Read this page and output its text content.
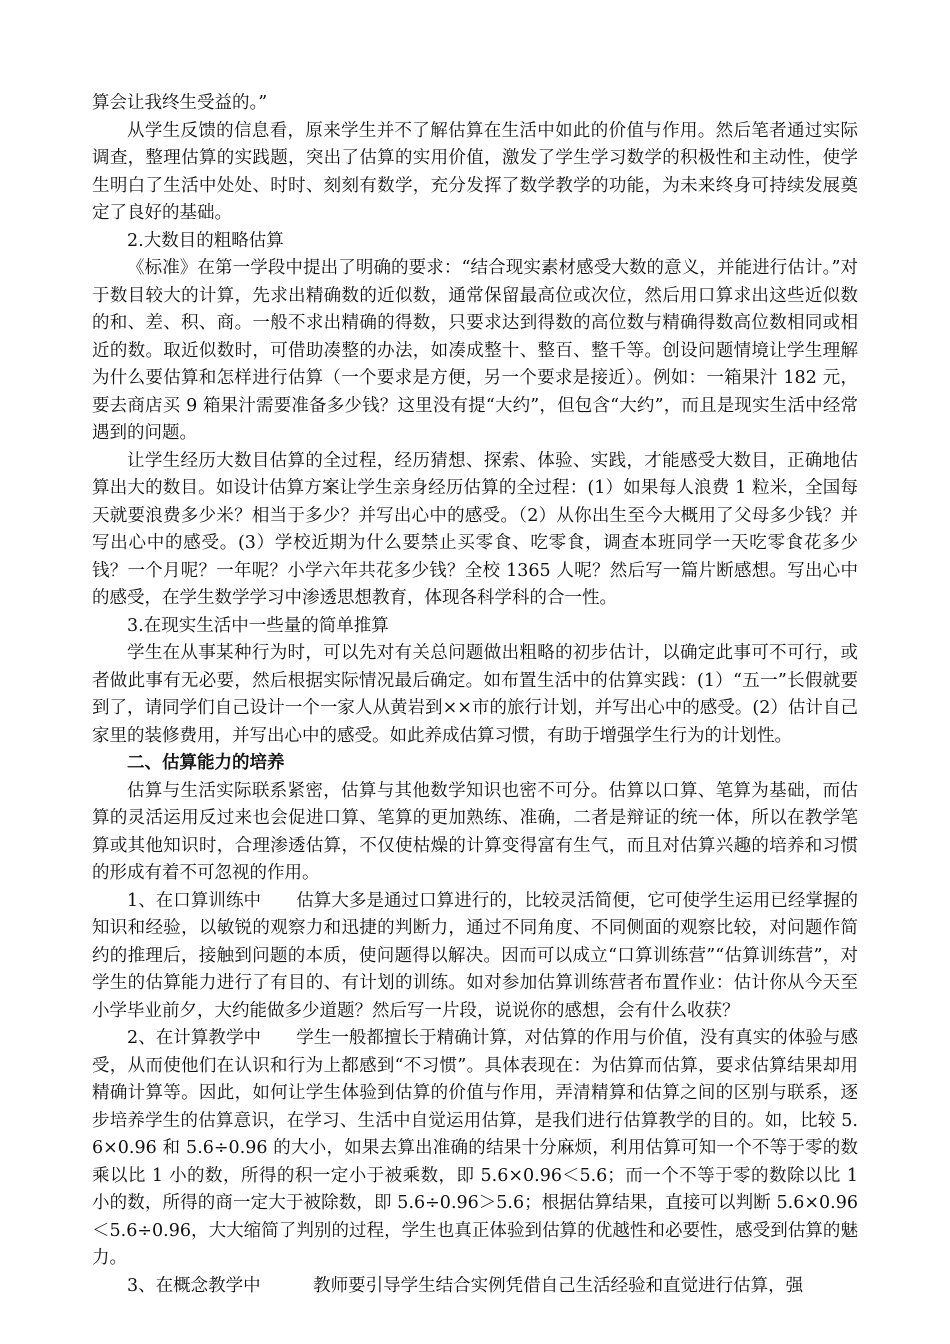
算会让我终生受益的。”

从学生反馈的信息看，原来学生并不了解估算在生活中如此的价值与作用。然后笔者通过实际调查，整理估算的实践题，突出了估算的实用价值，激发了学生学习数学的积极性和主动性，使学生明白了生活中处处、时时、刻刻有数学，充分发挥了数学教学的功能，为未来终身可持续发展奠定了良好的基础。

2.大数目的粗略估算

《标准》在第一学段中提出了明确的要求：“结合现实素材感受大数的意义，并能进行估计。”对于数目较大的计算，先求出精确数的近似数，通常保留最高位或次位，然后用口算求出这些近似数的和、差、积、商。一般不求出精确的得数，只要求达到得数的高位数与精确得数高位数相同或相近的数。取近似数时，可借助凑整的办法，如凑成整十、整百、整千等。创设问题情境让学生理解为什么要估算和怎样进行估算（一个要求是方便，另一个要求是接近）。例如：一箱果汁 182 元，要去商店买 9 箱果汁需要准备多少钱？这里没有提“大约”，但包含“大约”，而且是现实生活中经常遇到的问题。

让学生经历大数目估算的全过程，经历猜想、探索、体验、实践，才能感受大数目，正确地估算出大的数目。如设计估算方案让学生亲身经历估算的全过程：(1）如果每人浪费 1 粒米，全国每天就要浪费多少米？相当于多少？并写出心中的感受。（2）从你出生至今大概用了父母多少钱？并写出心中的感受。(3）学校近期为什么要禁止买零食、吃零食，调查本班同学一天吃零食花多少钱？一个月呢？一年呢？小学六年共花多少钱？全校 1365 人呢？然后写一篇片断感想。写出心中的感受，在学生数学学习中渗透思想教育，体现各科学科的合一性。

3.在现实生活中一些量的简单推算

学生在从事某种行为时，可以先对有关总问题做出粗略的初步估计，以确定此事可不可行，或者做此事有无必要，然后根据实际情况最后确定。如布置生活中的估算实践：(1）“五一”长假就要到了，请同学们自己设计一个一家人从黄岩到××市的旅行计划，并写出心中的感受。(2）估计自己家里的装修费用，并写出心中的感受。如此养成估算习惯，有助于增强学生行为的计划性。

二、估算能力的培养

估算与生活实际联系紧密，估算与其他数学知识也密不可分。估算以口算、笔算为基础，而估算的灵活运用反过来也会促进口算、笔算的更加熟练、准确，二者是辩证的统一体，所以在教学笔算或其他知识时，合理渗透估算，不仅使枯燥的计算变得富有生气，而且对估算兴趣的培养和习惯的形成有着不可忽视的作用。

1、在口算训练中　　估算大多是通过口算进行的，比较灵活简便，它可使学生运用已经掌握的知识和经验，以敏锐的观察力和迅捷的判断力，通过不同角度、不同侧面的观察比较，对问题作简约的推理后，接触到问题的本质，使问题得以解决。因而可以成立“口算训练营”“估算训练营”，对学生的估算能力进行了有目的、有计划的训练。如对参加估算训练营者布置作业：估计你从今天至小学毕业前夕，大约能做多少道题？然后写一片段，说说你的感想，会有什么收获？

2、在计算教学中　　学生一般都擅长于精确计算，对估算的作用与价值，没有真实的体验与感受，从而使他们在认识和行为上都感到“不习惯”。具体表现在：为估算而估算，要求估算结果却用精确计算等。因此，如何让学生体验到估算的价值与作用，弄清精算和估算之间的区别与联系，逐步培养学生的估算意识，在学习、生活中自觉运用估算，是我们进行估算教学的目的。如，比较 5.6×0.96 和 5.6÷0.96 的大小，如果去算出准确的结果十分麻烦，利用估算可知一个不等于零的数乘以比 1 小的数，所得的积一定小于被乘数，即 5.6×0.96＜5.6；而一个不等于零的数除以比 1 小的数，所得的商一定大于被除数，即 5.6÷0.96＞5.6；根据估算结果，直接可以判断 5.6×0.96＜5.6÷0.96，大大缩简了判别的过程，学生也真正体验到估算的优越性和必要性，感受到估算的魅力。

3、在概念教学中　　　教师要引导学生结合实例凭借自己生活经验和直觉进行估算，强
